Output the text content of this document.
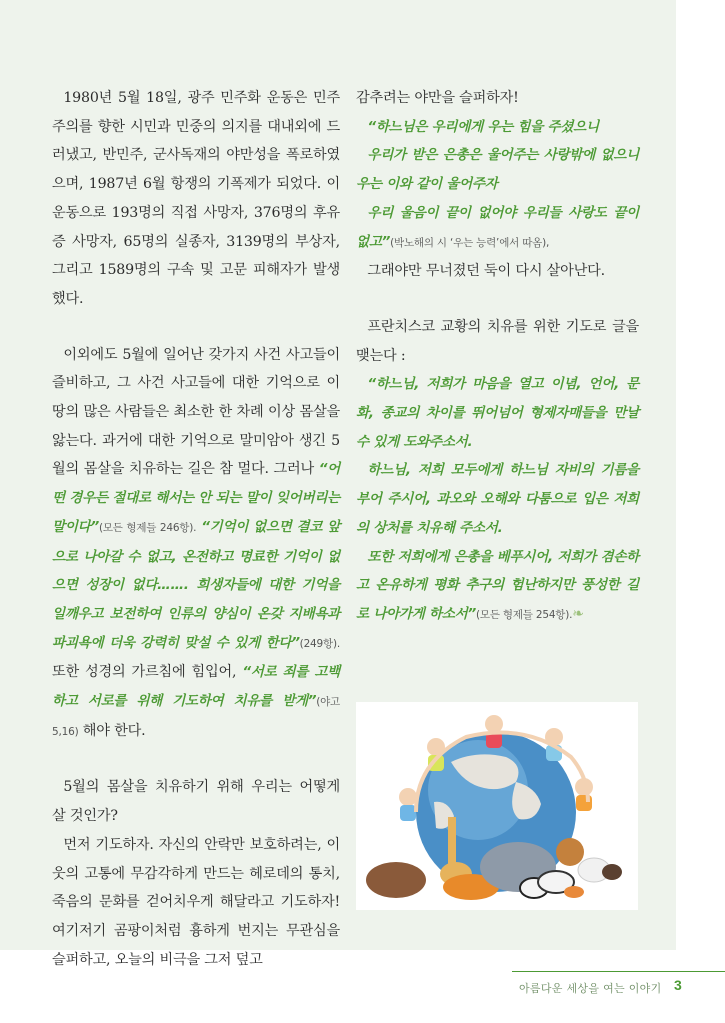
1980년 5월 18일, 광주 민주화 운동은 민주주의를 향한 시민과 민중의 의지를 대내외에 드러냈고, 반민주, 군사독재의 야만성을 폭로하였으며, 1987년 6월 항쟁의 기폭제가 되었다. 이 운동으로 193명의 직접 사망자, 376명의 후유증 사망자, 65명의 실종자, 3139명의 부상자, 그리고 1589명의 구속 및 고문 피해자가 발생했다.

이외에도 5월에 일어난 갖가지 사건 사고들이 즐비하고, 그 사건 사고들에 대한 기억으로 이 땅의 많은 사람들은 최소한 한 차례 이상 몸살을 앓는다. 과거에 대한 기억으로 말미암아 생긴 5월의 몸살을 치유하는 길은 참 멀다. 그러나 “어떤 경우든 절대로 해서는 안 되는 말이 잊어버리는 말이다”(모든 형제들 246항). “기억이 없으면 결코 앞으로 나아갈 수 없고, 온전하고 명료한 기억이 없으면 성장이 없다……. 희생자들에 대한 기억을 일깨우고 보전하여 인류의 양심이 온갖 지배욕과 파괴욕에 더욱 강력히 맞설 수 있게 한다”(249항). 또한 성경의 가르침에 힘입어, “서로 죄를 고백하고 서로를 위해 기도하여 치유를 받게”(야고 5,16) 해야 한다.

5월의 몸살을 치유하기 위해 우리는 어떻게 살 것인가?

먼저 기도하자. 자신의 안락만 보호하려는, 이웃의 고통에 무감각하게 만드는 헤로데의 통치, 죽음의 문화를 걷어치우게 해달라고 기도하자! 여기저기 곰팡이처럼 흉하게 번지는 무관심을 슬퍼하고, 오늘의 비극을 그저 덮고

감추려는 야만을 슬퍼하자!

“하느님은 우리에게 우는 힘을 주셨으니

우리가 받은 은총은 울어주는 사랑밖에 없으니 우는 이와 같이 울어주자

우리 울음이 끝이 없어야 우리들 사랑도 끝이 없고”(박노해의 시 ‘우는 능력’에서 따옴),

그래야만 무너졌던 둑이 다시 살아난다.

프란치스코 교황의 치유를 위한 기도로 글을 맺는다 :

“하느님, 저희가 마음을 열고 이념, 언어, 문화, 종교의 차이를 뛰어넘어 형제자매들을 만날 수 있게 도와주소서.

하느님, 저희 모두에게 하느님 자비의 기름을 부어 주시어, 과오와 오해와 다툼으로 입은 저희의 상처를 치유해 주소서.

또한 저희에게 은총을 베푸시어, 저희가 겸손하고 온유하게 평화 추구의 험난하지만 풍성한 길로 나아가게 하소서”(모든 형제들 254항).❧

아름다운 세상을 여는 이야기 3
